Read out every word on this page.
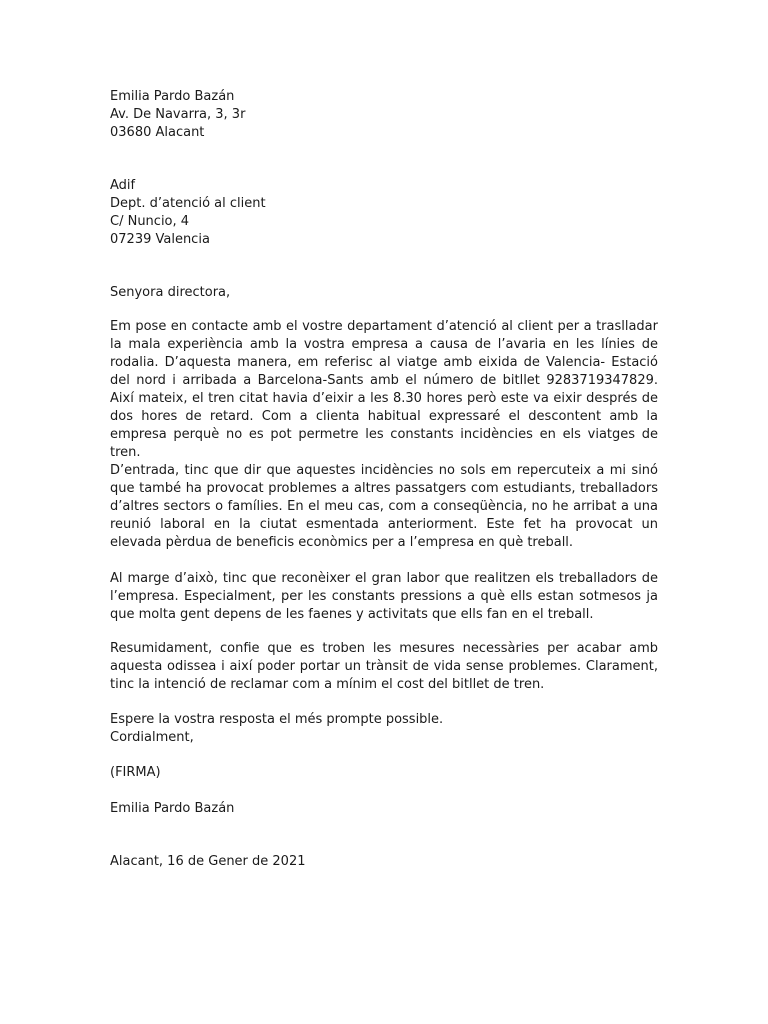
Emilia Pardo Bazán
Av. De Navarra, 3, 3r
03680 Alacant
Adif
Dept. d’atenció al client
C/ Nuncio, 4
07239 Valencia
Senyora directora,

Em pose en contacte amb el vostre departament d’atenció al client per a traslladar la mala experiència amb la vostra empresa a causa de l’avaria en les línies de rodalia. D’aquesta manera, em referisc al viatge amb eixida de Valencia- Estació del nord i arribada a Barcelona-Sants amb el número de bitllet 9283719347829. Així mateix, el tren citat havia d’eixir a les 8.30 hores però este va eixir després de dos hores de retard. Com a clienta habitual expressaré el descontent amb la empresa perquè no es pot permetre les constants incidències en els viatges de tren.

D’entrada, tinc que dir que aquestes incidències no sols em repercuteix a mi sinó que també ha provocat problemes a altres passatgers com estudiants, treballadors d’altres sectors o famílies. En el meu cas, com a conseqüència, no he arribat a una reunió laboral en la ciutat esmentada anteriorment. Este fet ha provocat un elevada pèrdua de beneficis econòmics per a l’empresa en què treball.

Al marge d’això, tinc que reconèixer el gran labor que realitzen els treballadors de l’empresa. Especialment, per les constants pressions a què ells estan sotmesos ja que molta gent depens de les faenes y activitats que ells fan en el treball.

Resumidament, confie que es troben les mesures necessàries per acabar amb aquesta odissea i així poder portar un trànsit de vida sense problemes. Clarament, tinc la intenció de reclamar com a mínim el cost del bitllet de tren.

Espere la vostra resposta el més prompte possible.
Cordialment,
(FIRMA)
Emilia Pardo Bazán
Alacant, 16 de Gener de 2021
